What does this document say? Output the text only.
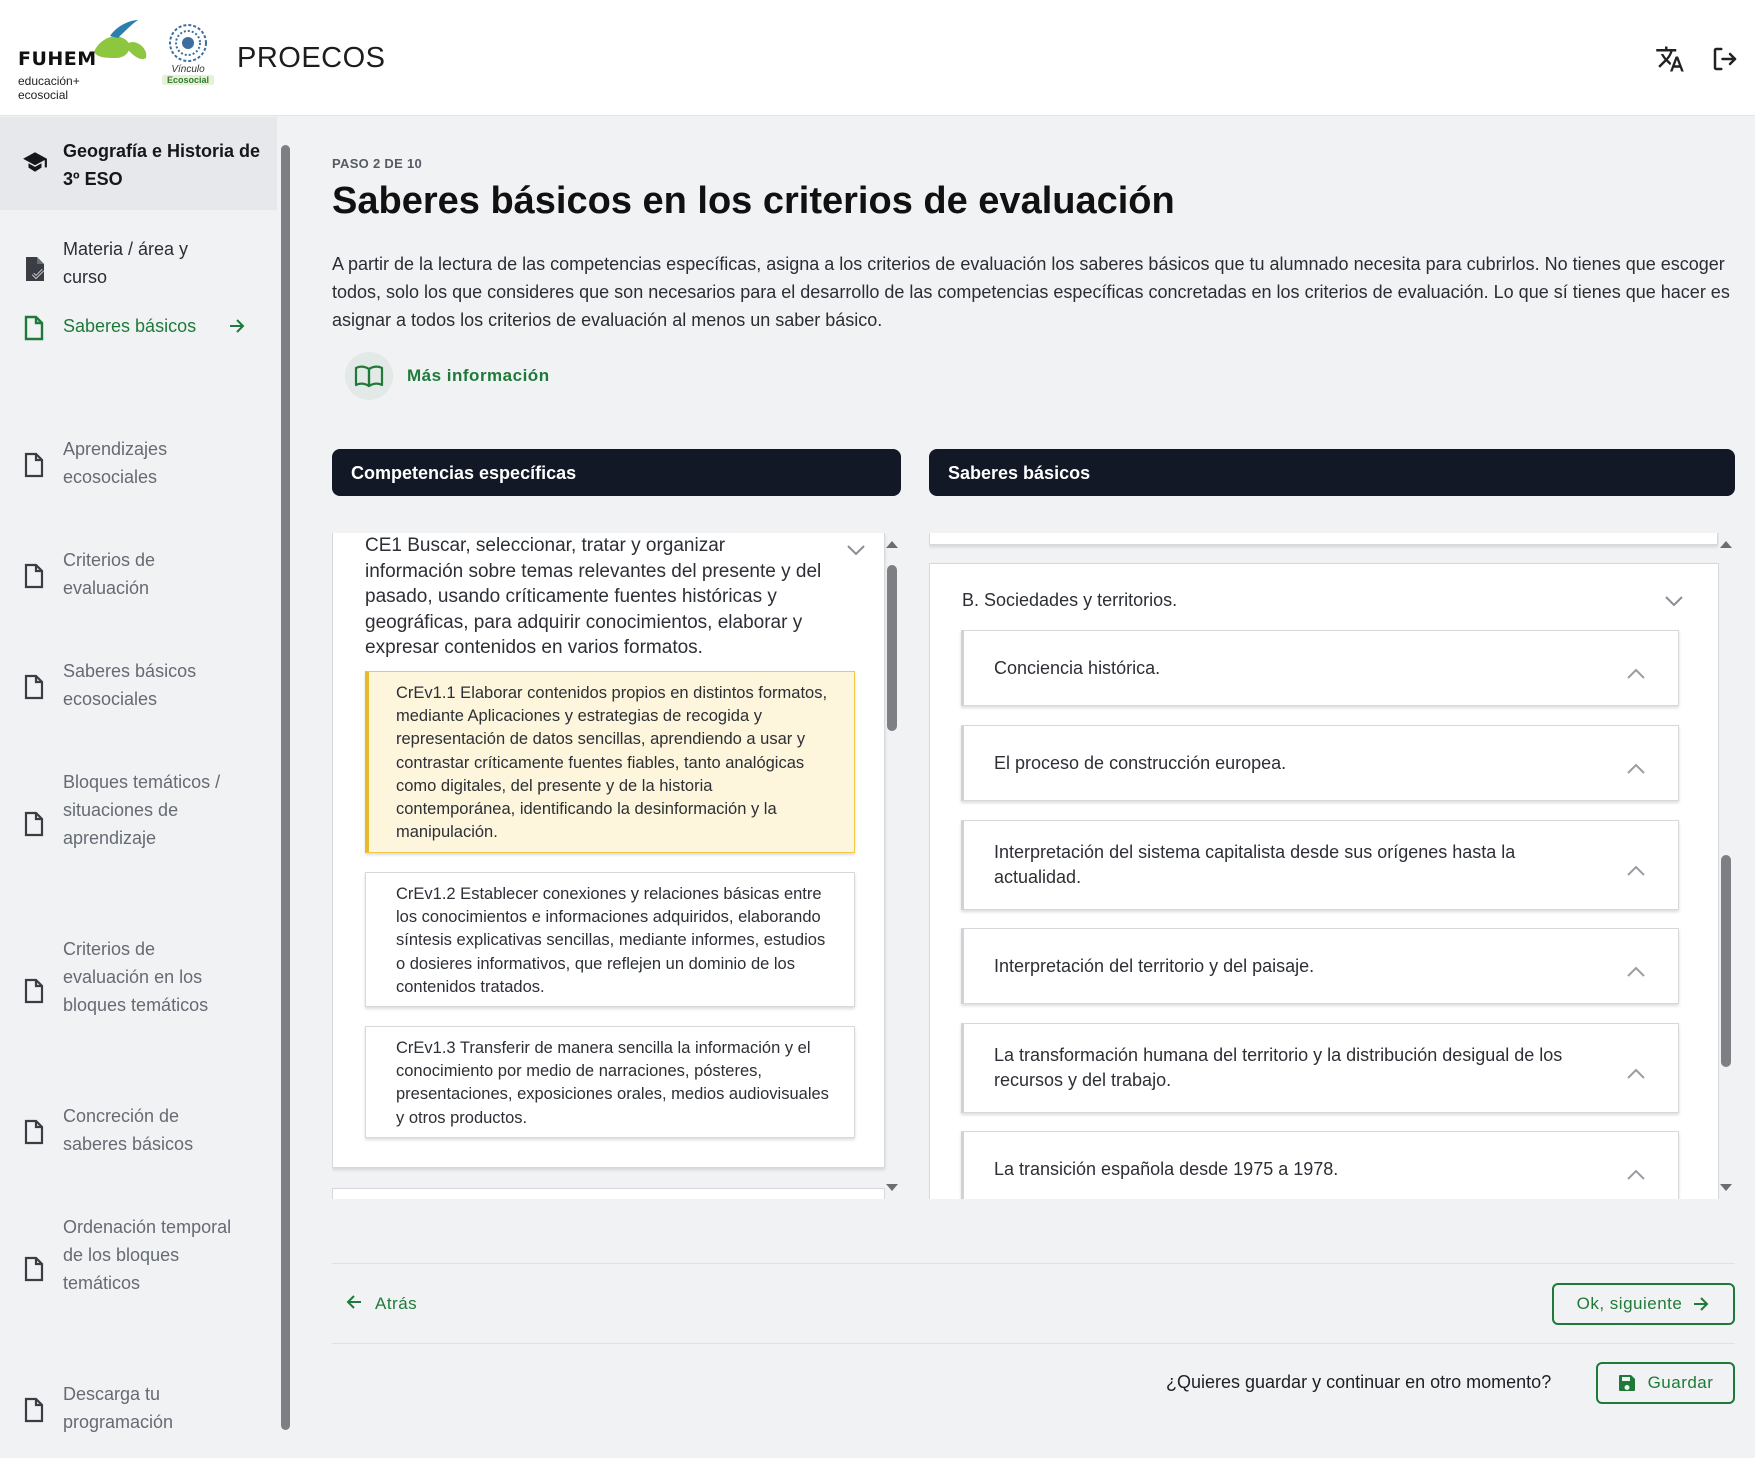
FUHEM
educación+
ecosocial
Vínculo
Ecosocial
PROECOS
Geografía e Historia de 3º ESO
Materia / área y curso
Saberes básicos
Aprendizajes ecosociales
Criterios de evaluación
Saberes básicos ecosociales
Bloques temáticos / situaciones de aprendizaje
Criterios de evaluación en los bloques temáticos
Concreción de saberes básicos
Ordenación temporal de los bloques temáticos
Descarga tu programación
PASO 2 DE 10
Saberes básicos en los criterios de evaluación
A partir de la lectura de las competencias específicas, asigna a los criterios de evaluación los saberes básicos que tu alumnado necesita para cubrirlos. No tienes que escoger todos, solo los que consideres que son necesarios para el desarrollo de las competencias específicas concretadas en los criterios de evaluación. Lo que sí tienes que hacer es asignar a todos los criterios de evaluación al menos un saber básico.
Más información
Competencias específicas	Saberes básicos
CE1 Buscar, seleccionar, tratar y organizar información sobre temas relevantes del presente y del pasado, usando críticamente fuentes históricas y geográficas, para adquirir conocimientos, elaborar y expresar contenidos en varios formatos.
CrEv1.1 Elaborar contenidos propios en distintos formatos, mediante Aplicaciones y estrategias de recogida y representación de datos sencillas, aprendiendo a usar y contrastar críticamente fuentes fiables, tanto analógicas como digitales, del presente y de la historia contemporánea, identificando la desinformación y la manipulación.
CrEv1.2 Establecer conexiones y relaciones básicas entre los conocimientos e informaciones adquiridos, elaborando síntesis explicativas sencillas, mediante informes, estudios o dosieres informativos, que reflejen un dominio de los contenidos tratados.
CrEv1.3 Transferir de manera sencilla la información y el conocimiento por medio de narraciones, pósteres, presentaciones, exposiciones orales, medios audiovisuales y otros productos.
B. Sociedades y territorios.
Conciencia histórica.
El proceso de construcción europea.
Interpretación del sistema capitalista desde sus orígenes hasta la actualidad.
Interpretación del territorio y del paisaje.
La transformación humana del territorio y la distribución desigual de los recursos y del trabajo.
La transición española desde 1975 a 1978.
Atrás	Ok, siguiente
¿Quieres guardar y continuar en otro momento?	Guardar
